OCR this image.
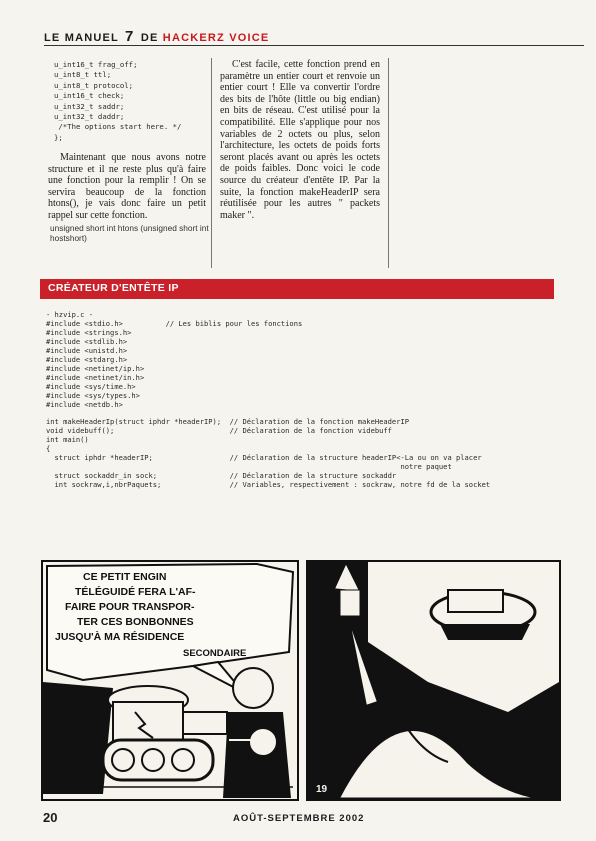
LE MANUEL 7 DE HACKERZ VOICE
u_int16_t frag_off;
u_int8_t ttl;
u_int8_t protocol;
u_int16_t check;
u_int32_t saddr;
u_int32_t daddr;
/*The options start here. */
};

Maintenant que nous avons notre structure et il ne reste plus qu'à faire une fonction pour la remplir ! On se servira beaucoup de la fonction htons(), je vais donc faire un petit rappel sur cette fonction.

unsigned short int htons (unsigned short int hostshort)

C'est facile, cette fonction prend en paramètre un entier court et renvoie un entier court ! Elle va convertir l'ordre des bits de l'hôte (little ou big endian) en bits de réseau. C'est utilisé pour la compatibilité. Elle s'applique pour nos variables de 2 octets ou plus, selon l'architecture, les octets de poids forts seront placés avant ou après les octets de poids faibles. Donc voici le code source du créateur d'entête IP. Par la suite, la fonction makeHeaderIP sera réutilisée pour les autres " packets maker ".

CRÉATEUR D'ENTÊTE IP
- hzvip.c -
#include <stdio.h>          // Les biblis pour les fonctions
#include <strings.h>
#include <stdlib.h>
#include <unistd.h>
#include <stdarg.h>
#include <netinet/ip.h>
#include <netinet/in.h>
#include <sys/time.h>
#include <sys/types.h>
#include <netdb.h>

int makeHeaderIp(struct iphdr *headerIP);  // Déclaration de la fonction makeHeaderIP
void videbuff();                           // Déclaration de la fonction videbuff
int main()
{
struct iphdr *headerIP;                  // Déclaration de la structure headerIP<-La ou on va placer
notre paquet
struct sockaddr_in sock;                 // Déclaration de la structure sockaddr
int sockraw,i,nbrPaquets;                // Variables, respectivement : sockraw, notre fd de la socket
CE PETIT ENGIN
TÉLÉGUIDÉ FERA L'AF-
FAIRE POUR TRANSPOR-
TER CES BONBONNES
JUSQU'À MA RÉSIDENCE
SECONDAIRE
19
20	AOÛT-SEPTEMBRE 2002
